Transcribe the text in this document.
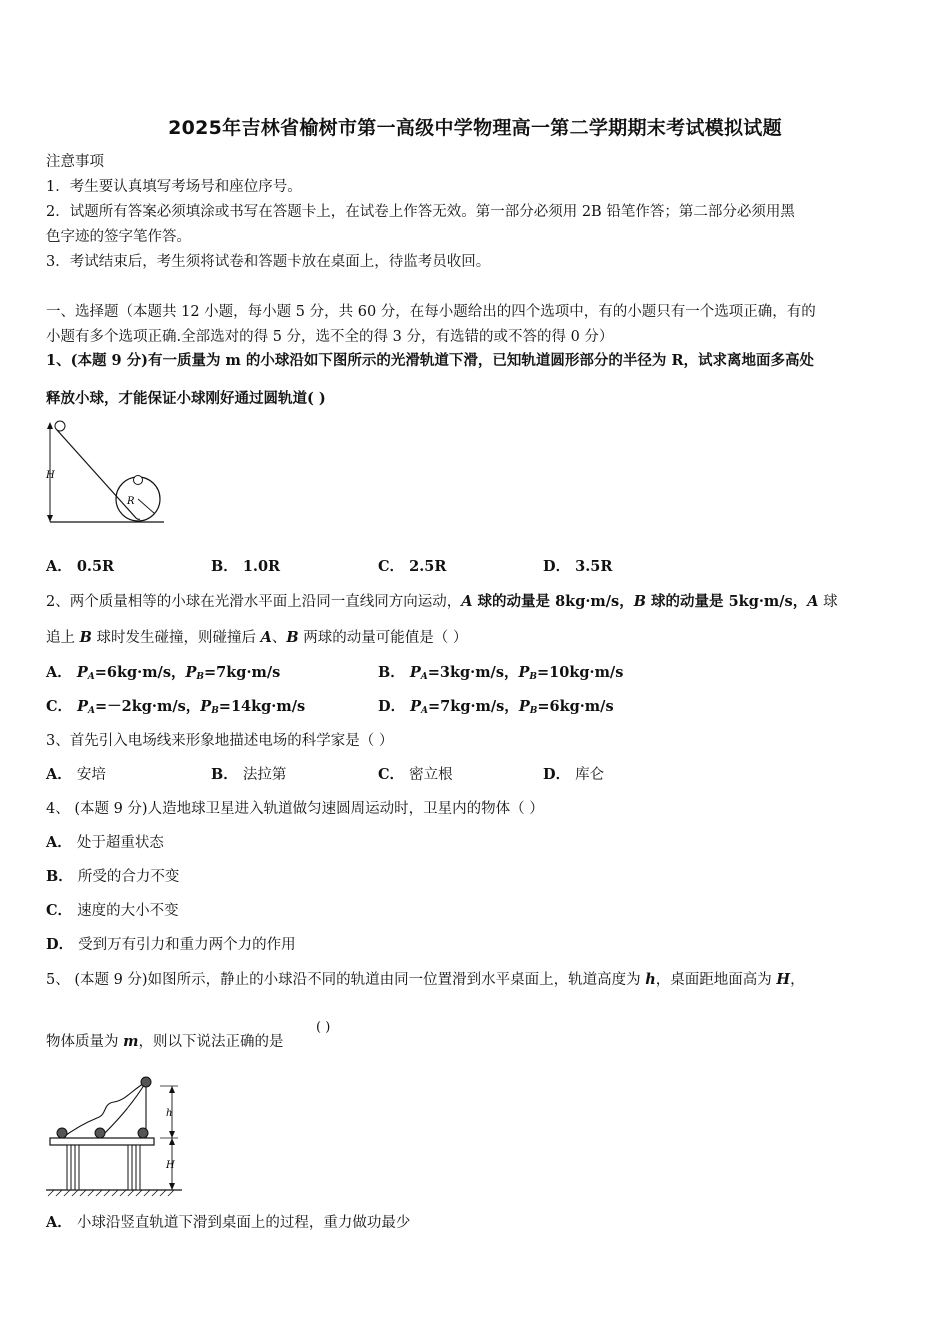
2025年吉林省榆树市第一高级中学物理高一第二学期期末考试模拟试题
注意事项
1．考生要认真填写考场号和座位序号。
2．试题所有答案必须填涂或书写在答题卡上，在试卷上作答无效。第一部分必须用 2B 铅笔作答；第二部分必须用黑
色字迹的签字笔作答。
3．考试结束后，考生须将试卷和答题卡放在桌面上，待监考员收回。
一、选择题（本题共 12 小题，每小题 5 分，共 60 分，在每小题给出的四个选项中，有的小题只有一个选项正确，有的
小题有多个选项正确.全部选对的得 5 分，选不全的得 3 分，有选错的或不答的得 0 分）
1、(本题 9 分)有一质量为 m 的小球沿如下图所示的光滑轨道下滑，已知轨道圆形部分的半径为 R，试求离地面多高处
释放小球，才能保证小球刚好通过圆轨道( )
H
R
A． 0.5R	B． 1.0R	C． 2.5R	D． 3.5R
2、两个质量相等的小球在光滑水平面上沿同一直线同方向运动，A 球的动量是 8kg·m/s，B 球的动量是 5kg·m/s，A 球
追上 B 球时发生碰撞，则碰撞后 A、B 两球的动量可能值是（ ）
A． $P_A=6kg\cdot m/s$，$P_B=7kg\cdot m/s$	B． $P_A=3kg\cdot m/s$，$P_B=10kg\cdot m/s$
C． $P_A=-2kg\cdot m/s$，$P_B=14kg\cdot m/s$	D． $P_A=7kg\cdot m/s$，$P_B=6kg\cdot m/s$
3、首先引入电场线来形象地描述电场的科学家是（ ）
A． 安培	B． 法拉第	C． 密立根	D． 库仑
4、 (本题 9 分)人造地球卫星进入轨道做匀速圆周运动时，卫星内的物体（ ）
A． 处于超重状态
B． 所受的合力不变
C． 速度的大小不变
D． 受到万有引力和重力两个力的作用
5、 (本题 9 分)如图所示，静止的小球沿不同的轨道由同一位置滑到水平桌面上，轨道高度为 h，桌面距地面高为 H，
物体质量为 m，则以下说法正确的是
( )
h
H
A． 小球沿竖直轨道下滑到桌面上的过程，重力做功最少
